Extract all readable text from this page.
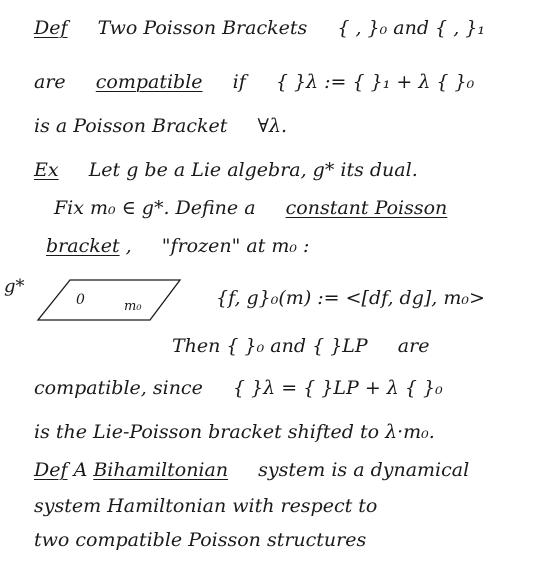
Def Two Poisson Brackets { , }₀ and { , }₁
are compatible if { }λ := { }₁ + λ { }₀
is a Poisson Bracket ∀λ.
Ex Let g be a Lie algebra, g* its dual.
Fix m₀ ∈ g*. Define a constant Poisson
bracket , "frozen" at m₀ :
g*
0	m₀	{f, g}₀(m) := <[df, dg], m₀>
Then { }₀ and { }LP are
compatible, since { }λ = { }LP + λ { }₀
is the Lie-Poisson bracket shifted to λ·m₀.
Def A Bihamiltonian system is a dynamical
system Hamiltonian with respect to
two compatible Poisson structures
